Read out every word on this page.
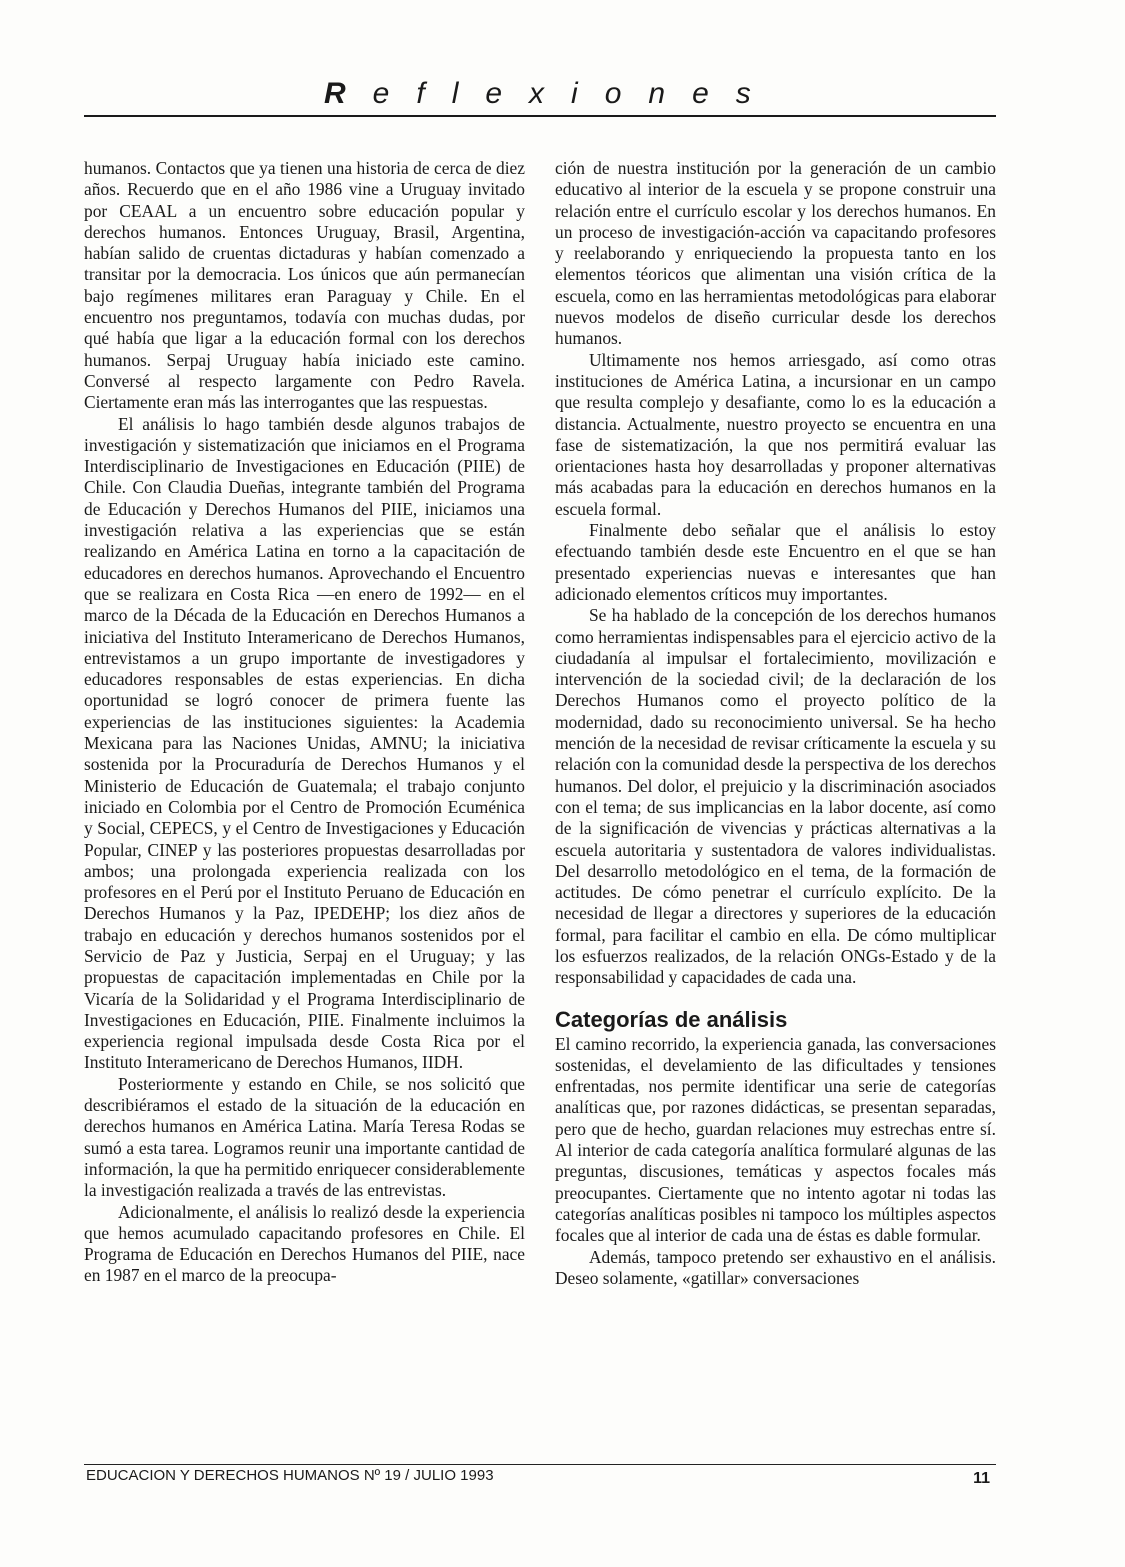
Reflexiones

humanos. Contactos que ya tienen una historia de cerca de diez años. Recuerdo que en el año 1986 vine a Uruguay invitado por CEAAL a un encuentro sobre educación popular y derechos humanos. Entonces Uruguay, Brasil, Argentina, habían salido de cruentas dictaduras y habían comenzado a transitar por la democracia. Los únicos que aún permanecían bajo regímenes militares eran Paraguay y Chile. En el encuentro nos preguntamos, todavía con muchas dudas, por qué había que ligar a la educación formal con los derechos humanos. Serpaj Uruguay había iniciado este camino. Conversé al respecto largamente con Pedro Ravela. Ciertamente eran más las interrogantes que las respuestas.

El análisis lo hago también desde algunos trabajos de investigación y sistematización que iniciamos en el Programa Interdisciplinario de Investigaciones en Educación (PIIE) de Chile. Con Claudia Dueñas, integrante también del Programa de Educación y Derechos Humanos del PIIE, iniciamos una investigación relativa a las experiencias que se están realizando en América Latina en torno a la capacitación de educadores en derechos humanos. Aprovechando el Encuentro que se realizara en Costa Rica —en enero de 1992— en el marco de la Década de la Educación en Derechos Humanos a iniciativa del Instituto Interamericano de Derechos Humanos, entrevistamos a un grupo importante de investigadores y educadores responsables de estas experiencias. En dicha oportunidad se logró conocer de primera fuente las experiencias de las instituciones siguientes: la Academia Mexicana para las Naciones Unidas, AMNU; la iniciativa sostenida por la Procuraduría de Derechos Humanos y el Ministerio de Educación de Guatemala; el trabajo conjunto iniciado en Colombia por el Centro de Promoción Ecuménica y Social, CEPECS, y el Centro de Investigaciones y Educación Popular, CINEP y las posteriores propuestas desarrolladas por ambos; una prolongada experiencia realizada con los profesores en el Perú por el Instituto Peruano de Educación en Derechos Humanos y la Paz, IPEDEHP; los diez años de trabajo en educación y derechos humanos sostenidos por el Servicio de Paz y Justicia, Serpaj en el Uruguay; y las propuestas de capacitación implementadas en Chile por la Vicaría de la Solidaridad y el Programa Interdisciplinario de Investigaciones en Educación, PIIE. Finalmente incluimos la experiencia regional impulsada desde Costa Rica por el Instituto Interamericano de Derechos Humanos, IIDH.

Posteriormente y estando en Chile, se nos solicitó que describiéramos el estado de la situación de la educación en derechos humanos en América Latina. María Teresa Rodas se sumó a esta tarea. Logramos reunir una importante cantidad de información, la que ha permitido enriquecer considerablemente la investigación realizada a través de las entrevistas.

Adicionalmente, el análisis lo realizó desde la experiencia que hemos acumulado capacitando profesores en Chile. El Programa de Educación en Derechos Humanos del PIIE, nace en 1987 en el marco de la preocupa-

ción de nuestra institución por la generación de un cambio educativo al interior de la escuela y se propone construir una relación entre el currículo escolar y los derechos humanos. En un proceso de investigación-acción va capacitando profesores y reelaborando y enriqueciendo la propuesta tanto en los elementos téoricos que alimentan una visión crítica de la escuela, como en las herramientas metodológicas para elaborar nuevos modelos de diseño curricular desde los derechos humanos.

Ultimamente nos hemos arriesgado, así como otras instituciones de América Latina, a incursionar en un campo que resulta complejo y desafiante, como lo es la educación a distancia. Actualmente, nuestro proyecto se encuentra en una fase de sistematización, la que nos permitirá evaluar las orientaciones hasta hoy desarrolladas y proponer alternativas más acabadas para la educación en derechos humanos en la escuela formal.

Finalmente debo señalar que el análisis lo estoy efectuando también desde este Encuentro en el que se han presentado experiencias nuevas e interesantes que han adicionado elementos críticos muy importantes.

Se ha hablado de la concepción de los derechos humanos como herramientas indispensables para el ejercicio activo de la ciudadanía al impulsar el fortalecimiento, movilización e intervención de la sociedad civil; de la declaración de los Derechos Humanos como el proyecto político de la modernidad, dado su reconocimiento universal. Se ha hecho mención de la necesidad de revisar críticamente la escuela y su relación con la comunidad desde la perspectiva de los derechos humanos. Del dolor, el prejuicio y la discriminación asociados con el tema; de sus implicancias en la labor docente, así como de la significación de vivencias y prácticas alternativas a la escuela autoritaria y sustentadora de valores individualistas. Del desarrollo metodológico en el tema, de la formación de actitudes. De cómo penetrar el currículo explícito. De la necesidad de llegar a directores y superiores de la educación formal, para facilitar el cambio en ella. De cómo multiplicar los esfuerzos realizados, de la relación ONGs-Estado y de la responsabilidad y capacidades de cada una.

Categorías de análisis

El camino recorrido, la experiencia ganada, las conversaciones sostenidas, el develamiento de las dificultades y tensiones enfrentadas, nos permite identificar una serie de categorías analíticas que, por razones didácticas, se presentan separadas, pero que de hecho, guardan relaciones muy estrechas entre sí. Al interior de cada categoría analítica formularé algunas de las preguntas, discusiones, temáticas y aspectos focales más preocupantes. Ciertamente que no intento agotar ni todas las categorías analíticas posibles ni tampoco los múltiples aspectos focales que al interior de cada una de éstas es dable formular.

Además, tampoco pretendo ser exhaustivo en el análisis. Deseo solamente, «gatillar» conversaciones

EDUCACION Y DERECHOS HUMANOS Nº 19 / JULIO 1993	11
